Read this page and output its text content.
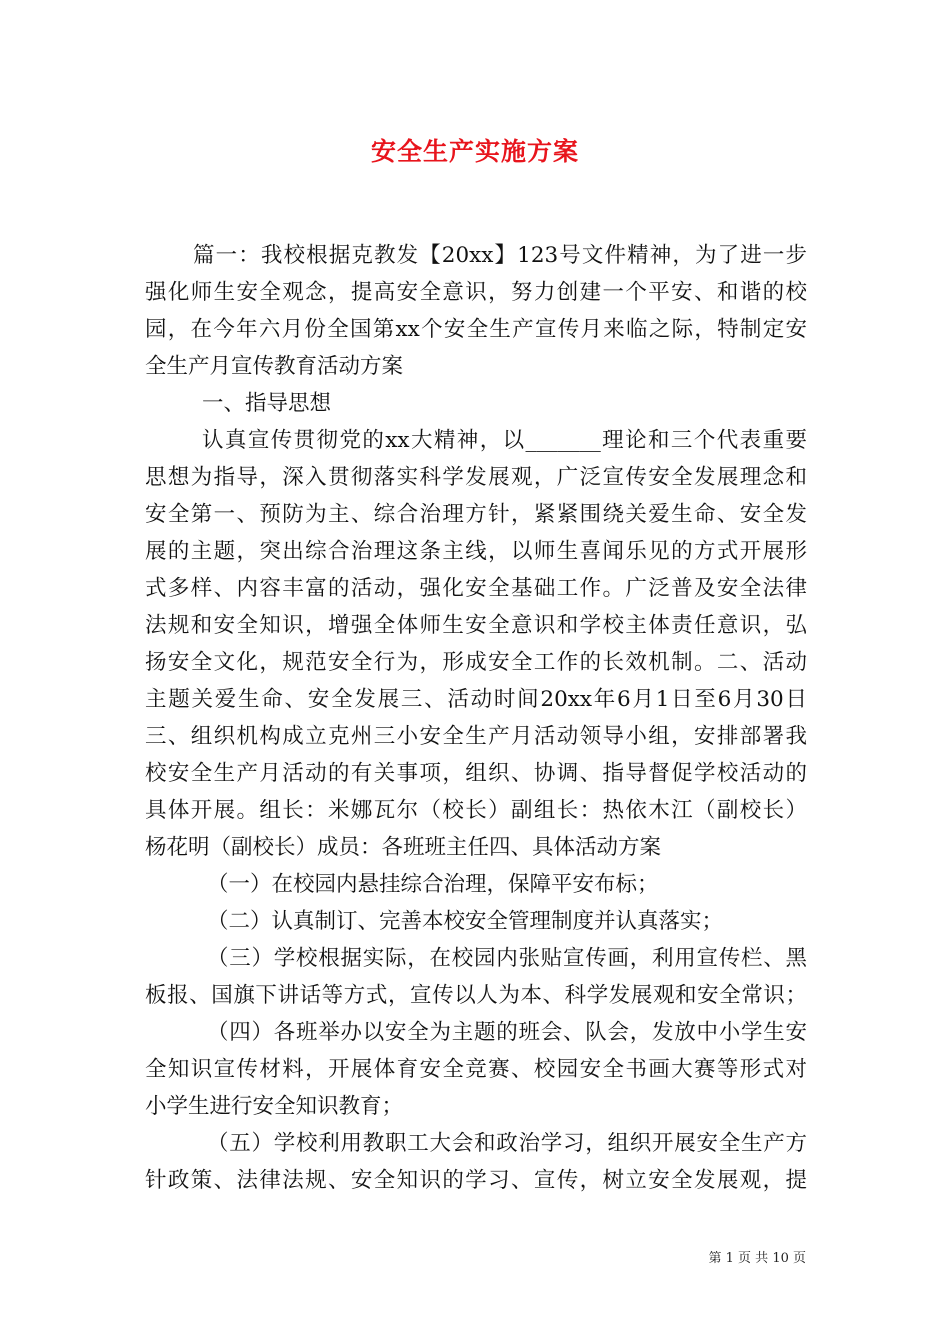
安全生产实施方案
篇一：我校根据克教发【20xx】123号文件精神，为了进一步
强化师生安全观念，提高安全意识，努力创建一个平安、和谐的校
园，在今年六月份全国第xx个安全生产宣传月来临之际，特制定安
全生产月宣传教育活动方案
一、指导思想
认真宣传贯彻党的xx大精神，以_______理论和三个代表重要
思想为指导，深入贯彻落实科学发展观，广泛宣传安全发展理念和
安全第一、预防为主、综合治理方针，紧紧围绕关爱生命、安全发
展的主题，突出综合治理这条主线，以师生喜闻乐见的方式开展形
式多样、内容丰富的活动，强化安全基础工作。广泛普及安全法律
法规和安全知识，增强全体师生安全意识和学校主体责任意识，弘
扬安全文化，规范安全行为，形成安全工作的长效机制。二、活动
主题关爱生命、安全发展三、活动时间20xx年6月1日至6月30日
三、组织机构成立克州三小安全生产月活动领导小组，安排部署我
校安全生产月活动的有关事项，组织、协调、指导督促学校活动的
具体开展。组长：米娜瓦尔（校长）副组长：热依木江（副校长）
杨花明（副校长）成员：各班班主任四、具体活动方案
（一）在校园内悬挂综合治理，保障平安布标；
（二）认真制订、完善本校安全管理制度并认真落实；
（三）学校根据实际，在校园内张贴宣传画，利用宣传栏、黑
板报、国旗下讲话等方式，宣传以人为本、科学发展观和安全常识；
（四）各班举办以安全为主题的班会、队会，发放中小学生安
全知识宣传材料，开展体育安全竞赛、校园安全书画大赛等形式对
小学生进行安全知识教育；
（五）学校利用教职工大会和政治学习，组织开展安全生产方
针政策、法律法规、安全知识的学习、宣传，树立安全发展观，提
第 1 页 共 10 页
